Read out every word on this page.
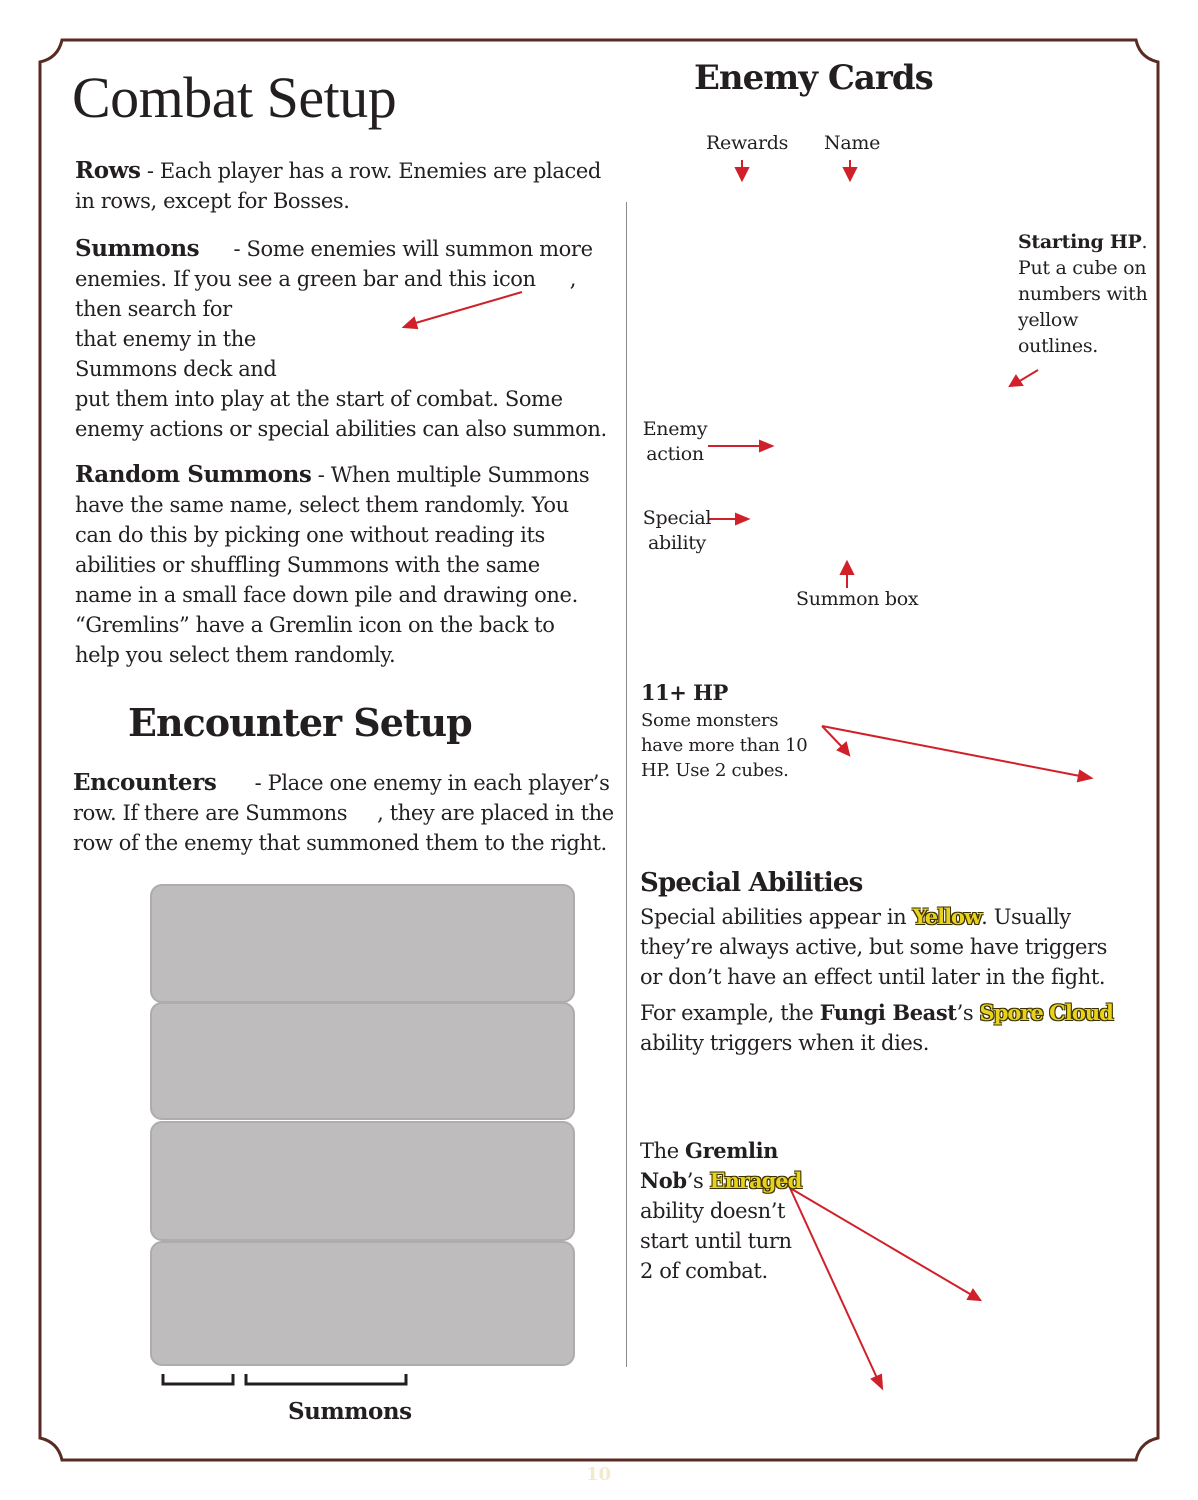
Combat Setup
Rows - Each player has a row. Enemies are placed in rows, except for Bosses.
Summons - Some enemies will summon more
enemies. If you see a green bar and this icon ,
then search for
that enemy in the
Summons deck and
put them into play at the start of combat. Some
enemy actions or special abilities can also summon.
Random Summons - When multiple Summons have the same name, select them randomly. You can do this by picking one without reading its abilities or shuffling Summons with the same name in a small face down pile and drawing one. “Gremlins” have a Gremlin icon on the back to help you select them randomly.
Encounter Setup
Encounters - Place one enemy in each player’s
row. If there are Summons , they are placed in the
row of the enemy that summoned them to the right.
Summons
Enemy Cards
Rewards Name
Starting HP. Put a cube on numbers with yellow outlines.
Enemy action
Special ability
Summon box
11+ HP
Some monsters have more than 10 HP. Use 2 cubes.
Special Abilities
Special abilities appear in Yellow. Usually they’re always active, but some have triggers or don’t have an effect until later in the fight.
For example, the Fungi Beast’s Spore Cloud ability triggers when it dies.
The Gremlin Nob’s Enraged ability doesn’t start until turn 2 of combat.
10
